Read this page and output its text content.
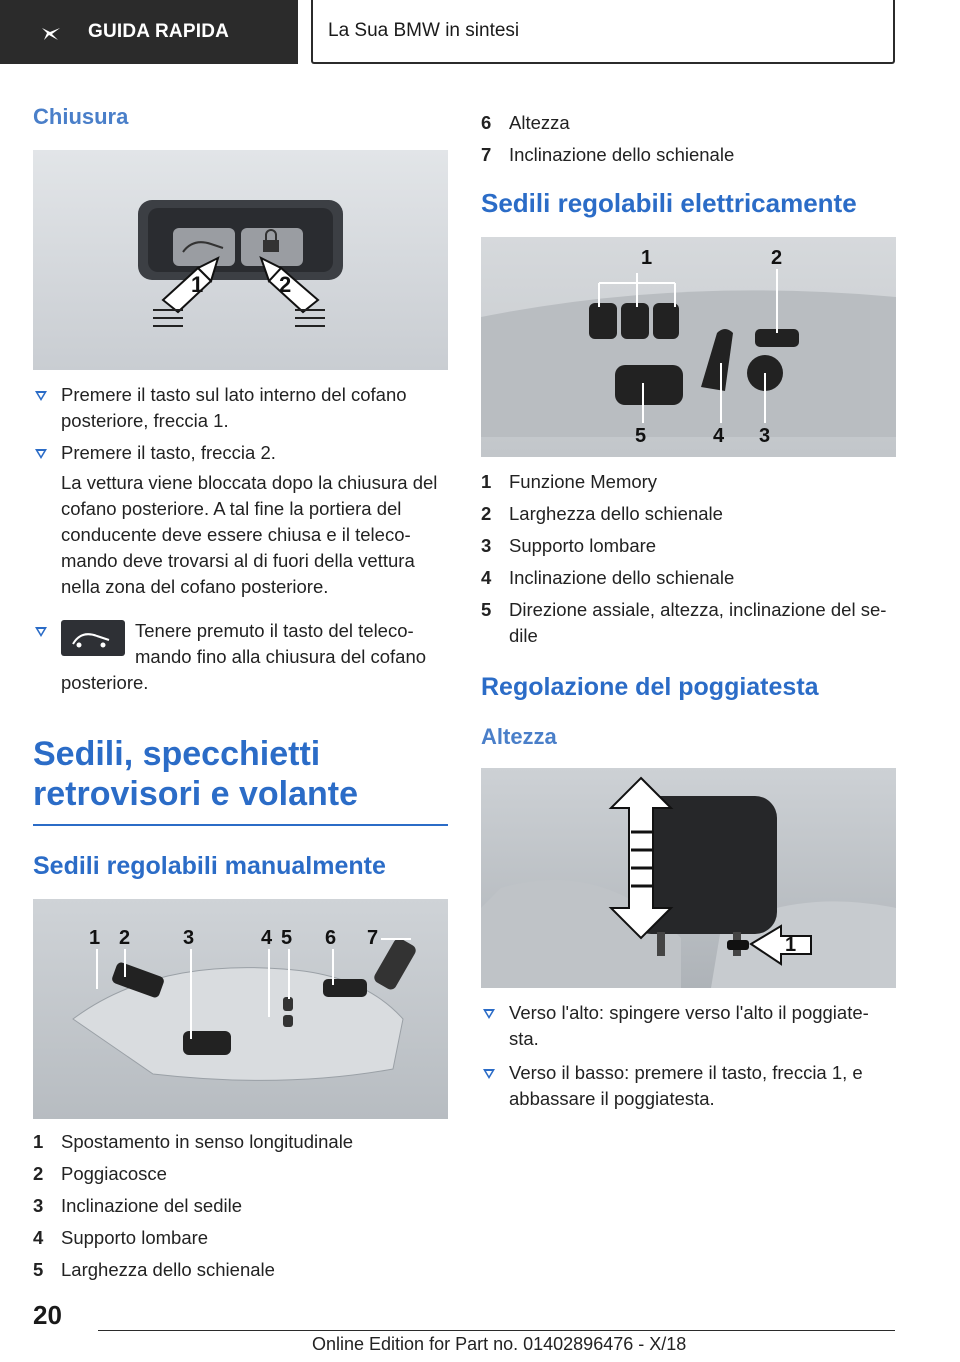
GUIDA RAPIDA	La Sua BMW in sintesi
Chiusura
1	2
Premere il tasto sul lato interno del cofano posteriore, freccia 1.
Premere il tasto, freccia 2.
La vettura viene bloccata dopo la chiusura del cofano posteriore. A tal fine la portiera del conducente deve essere chiusa e il teleco-mando deve trovarsi al di fuori della vettura nella zona del cofano posteriore.
Tenere premuto il tasto del teleco-mando fino alla chiusura del cofano posteriore.
Sedili, specchietti retrovisori e volante
Sedili regolabili manualmente
1 2	3	4 5 6 7
1 Spostamento in senso longitudinale
2 Poggiacosce
3 Inclinazione del sedile
4 Supporto lombare
5 Larghezza dello schienale
6 Altezza
7 Inclinazione dello schienale
Sedili regolabili elettricamente
1	2
5	4 3
1 Funzione Memory
2 Larghezza dello schienale
3 Supporto lombare
4 Inclinazione dello schienale
5 Direzione assiale, altezza, inclinazione del se-dile
Regolazione del poggiatesta
Altezza
1
Verso l'alto: spingere verso l'alto il poggiate-sta.
Verso il basso: premere il tasto, freccia 1, e abbassare il poggiatesta.
20
Online Edition for Part no. 01402896476 - X/18
